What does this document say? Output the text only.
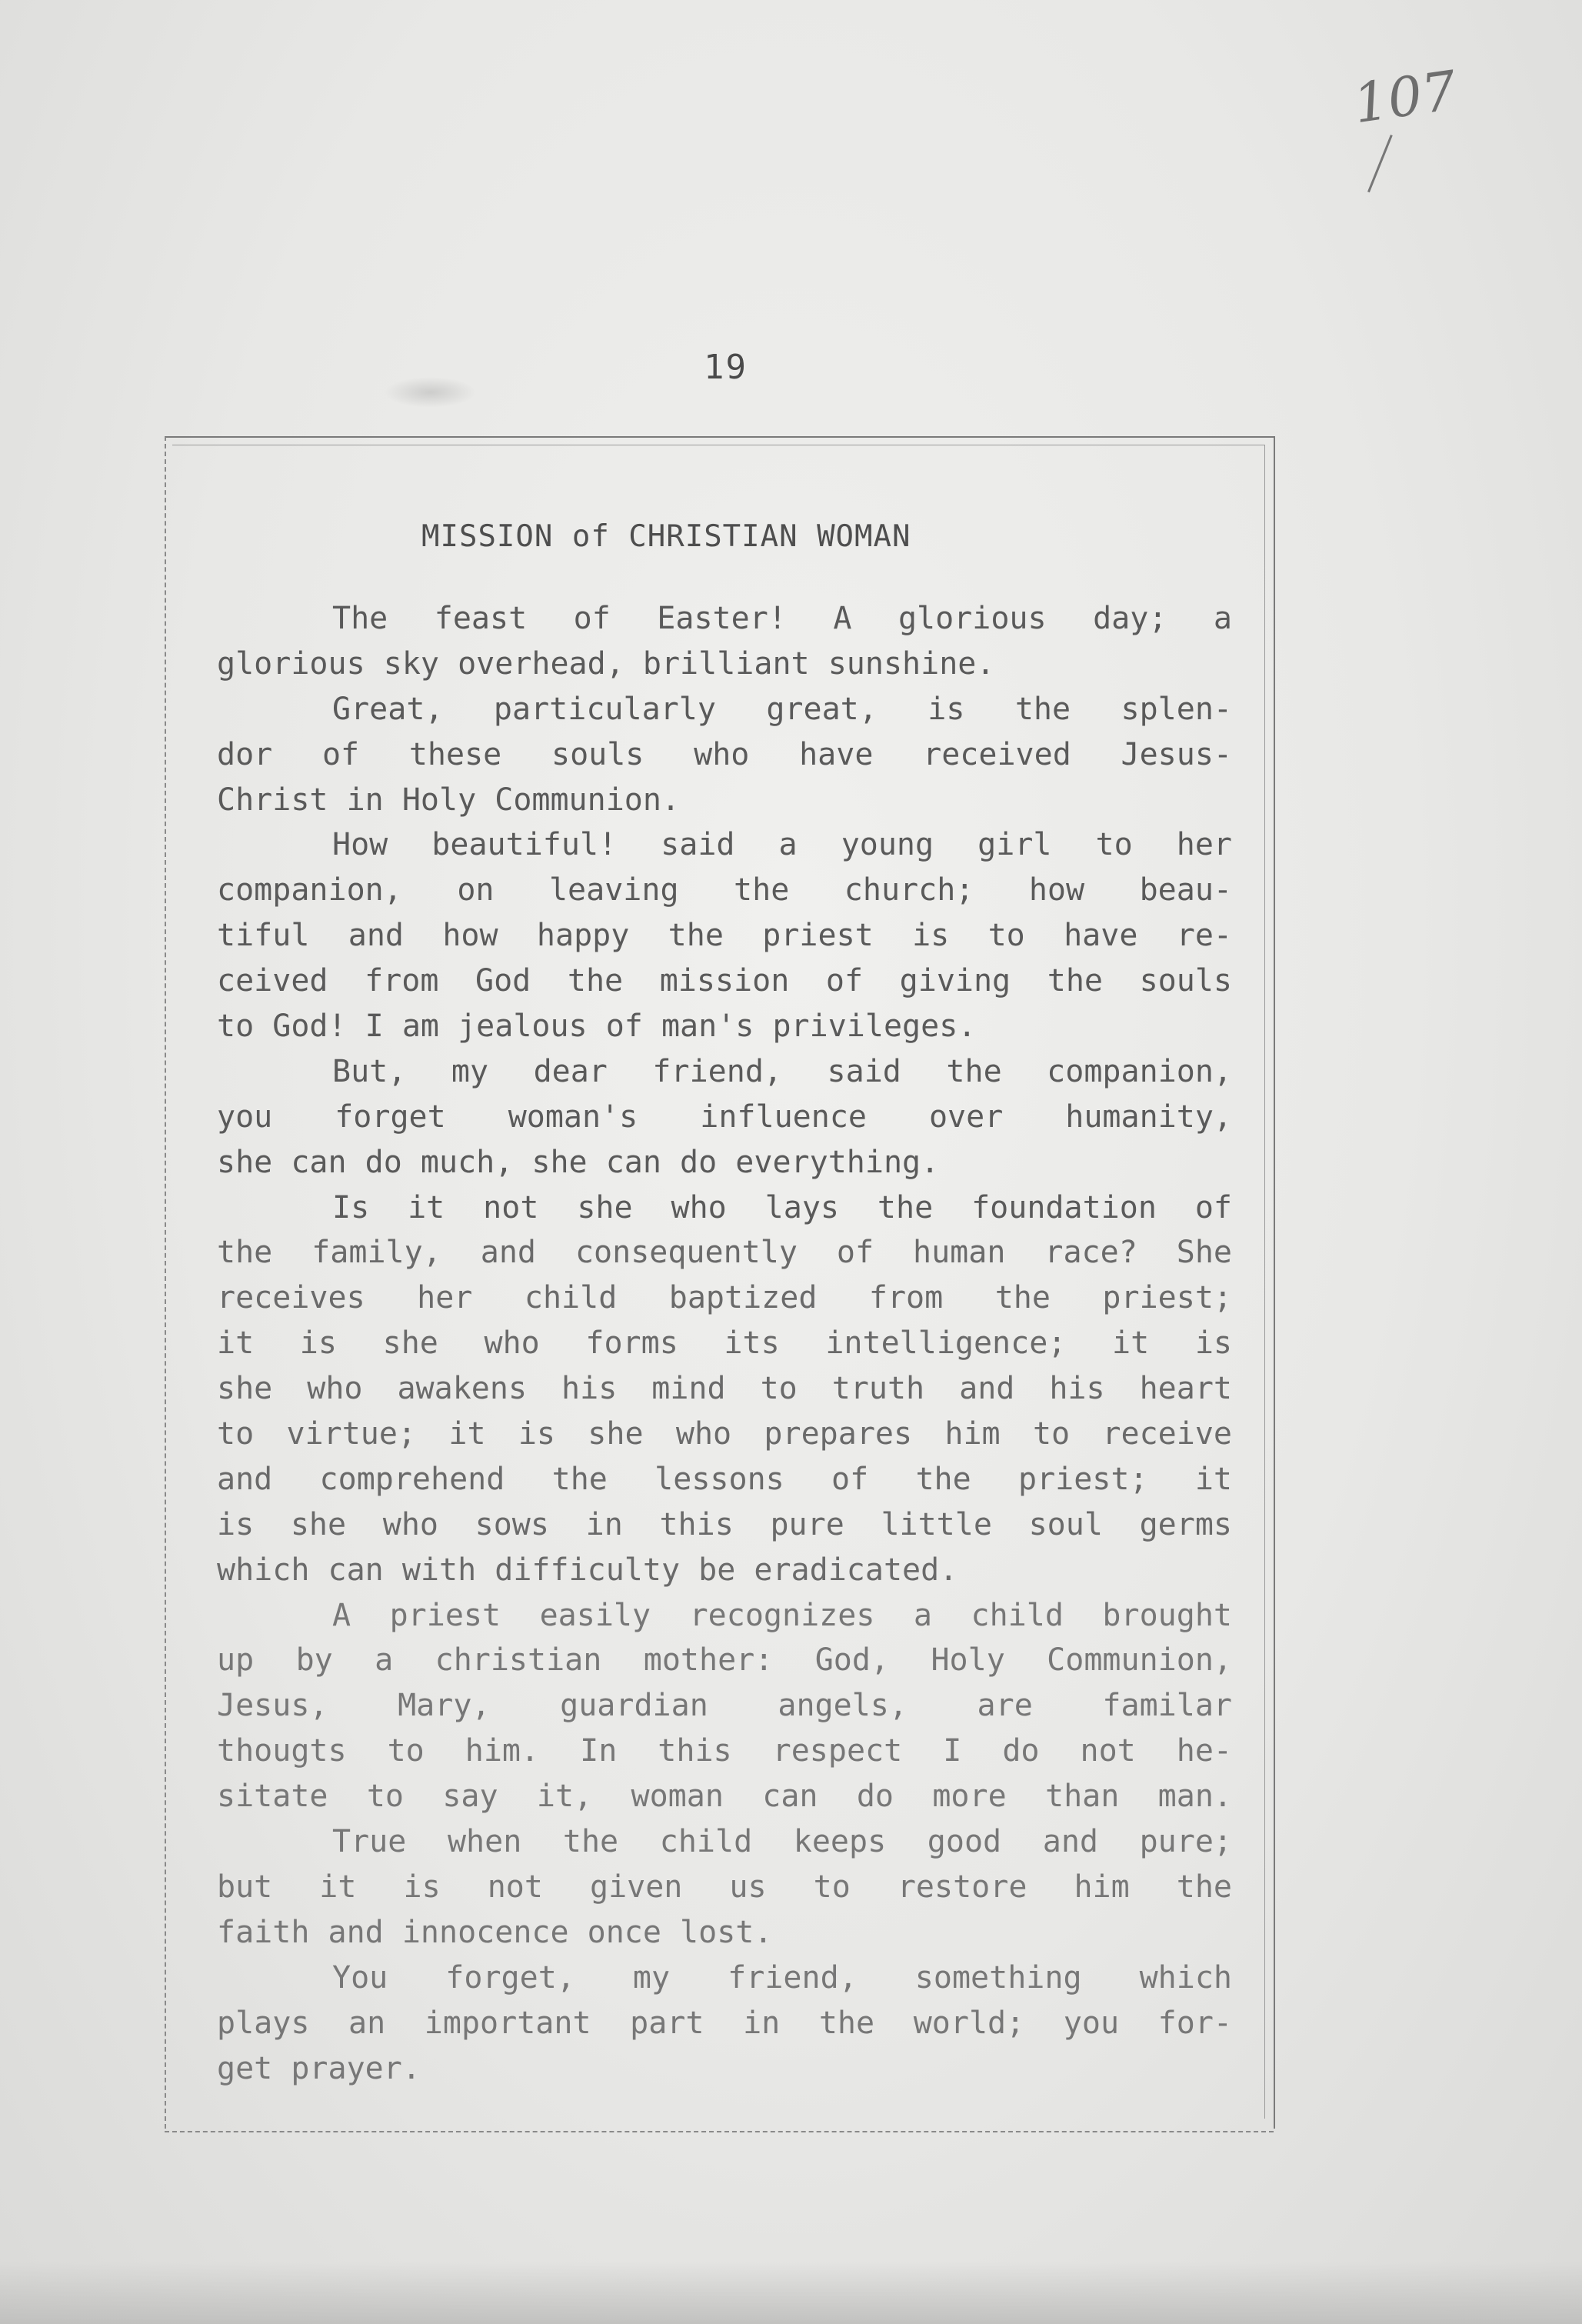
107
19
MISSION of CHRISTIAN WOMAN
The feast of Easter! A glorious day; a
glorious sky overhead, brilliant sunshine.
Great, particularly great, is the splen-
dor of these souls who have received Jesus-
Christ in Holy Communion.
How beautiful! said a young girl to her
companion, on leaving the church; how beau-
tiful and how happy the priest is to have re-
ceived from God the mission of giving the souls
to God! I am jealous of man's privileges.
But, my dear friend, said the companion,
you forget woman's influence over humanity,
she can do much, she can do everything.
Is it not she who lays the foundation of
the family, and consequently of human race? She
receives her child baptized from the priest;
it is she who forms its intelligence; it is
she who awakens his mind to truth and his heart
to virtue; it is she who prepares him to receive
and comprehend the lessons of the priest; it
is she who sows in this pure little soul germs
which can with difficulty be eradicated.
A priest easily recognizes a child brought
up by a christian mother: God, Holy Communion,
Jesus, Mary, guardian angels, are familar
thougts to him. In this respect I do not he-
sitate to say it, woman can do more than man.
True when the child keeps good and pure;
but it is not given us to restore him the
faith and innocence once lost.
You forget, my friend, something which
plays an important part in the world; you for-
get prayer.
